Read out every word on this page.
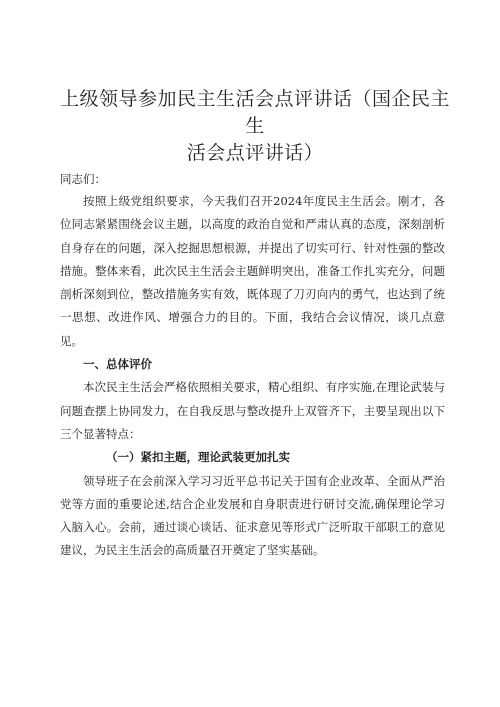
上级领导参加民主生活会点评讲话（国企民主生
活会点评讲话）
同志们：

按照上级党组织要求，今天我们召开2024年度民主生活会。刚才，各位同志紧紧围绕会议主题，以高度的政治自觉和严肃认真的态度，深刻剖析自身存在的问题，深入挖掘思想根源，并提出了切实可行、针对性强的整改措施。整体来看，此次民主生活会主题鲜明突出，准备工作扎实充分，问题剖析深刻到位，整改措施务实有效，既体现了刀刃向内的勇气，也达到了统一思想、改进作风、增强合力的目的。下面，我结合会议情况，谈几点意见。

一、总体评价

本次民主生活会严格依照相关要求，精心组织、有序实施,在理论武装与问题查摆上协同发力，在自我反思与整改提升上双管齐下，主要呈现出以下三个显著特点：

（一）紧扣主题，理论武装更加扎实

领导班子在会前深入学习习近平总书记关于国有企业改革、全面从严治党等方面的重要论述,结合企业发展和自身职责进行研讨交流,确保理论学习入脑入心。会前，通过谈心谈话、征求意见等形式广泛听取干部职工的意见建议，为民主生活会的高质量召开奠定了坚实基础。
